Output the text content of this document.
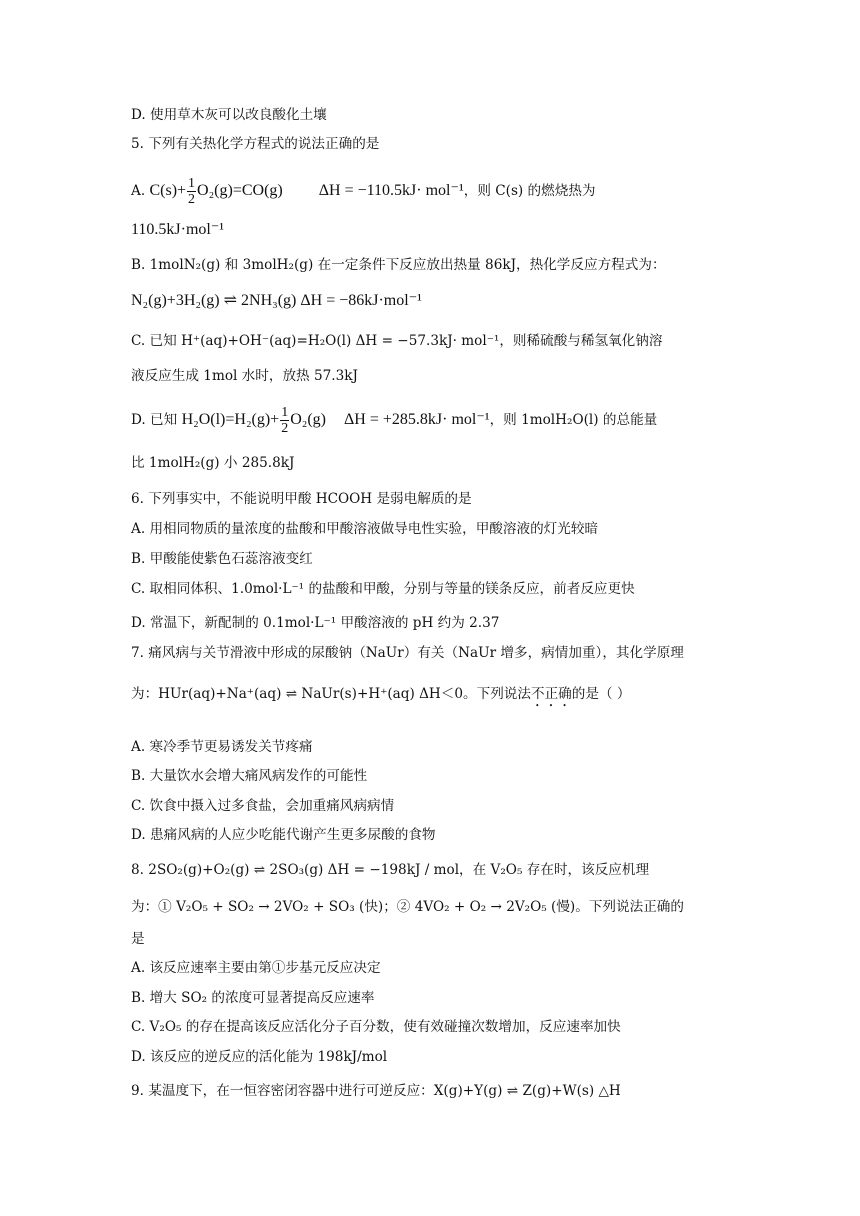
D. 使用草木灰可以改良酸化土壤
5. 下列有关热化学方程式的说法正确的是
A. $C(s)+ \frac{1}{2} O_2(g)=CO(g) \Delta H = -110.5kJ\cdot mol^{-1}$，则 C(s) 的燃烧热为
110.5kJ·mol⁻¹
B. 1molN₂(g) 和 3molH₂(g) 在一定条件下反应放出热量 86kJ，热化学反应方程式为：
N₂(g)+3H₂(g) ⇌ 2NH₃(g) ΔH = −86kJ·mol⁻¹
C. 已知 H⁺(aq)+OH⁻(aq)=H₂O(l) ΔH = −57.3kJ· mol⁻¹，则稀硫酸与稀氢氧化钠溶
液反应生成 1mol 水时，放热 57.3kJ
D. 已知 $H_2O(l)=H_2(g)+ \frac{1}{2} O_2(g) \Delta H = +285.8kJ\cdot mol^{-1}$，则 1molH₂O(l) 的总能量
比 1molH₂(g) 小 285.8kJ
6. 下列事实中，不能说明甲酸 HCOOH 是弱电解质的是
A. 用相同物质的量浓度的盐酸和甲酸溶液做导电性实验，甲酸溶液的灯光较暗
B. 甲酸能使紫色石蕊溶液变红
C. 取相同体积、1.0mol·L⁻¹ 的盐酸和甲酸，分别与等量的镁条反应，前者反应更快
D. 常温下，新配制的 0.1mol·L⁻¹ 甲酸溶液的 pH 约为 2.37
7. 痛风病与关节滑液中形成的尿酸钠（NaUr）有关（NaUr 增多，病情加重），其化学原理
为：HUr(aq)+Na⁺(aq) ⇌ NaUr(s)+H⁺(aq) ΔH＜0。下列说法不正确的是（ ）
A. 寒冷季节更易诱发关节疼痛
B. 大量饮水会增大痛风病发作的可能性
C. 饮食中摄入过多食盐，会加重痛风病病情
D. 患痛风病的人应少吃能代谢产生更多尿酸的食物
8. 2SO₂(g)+O₂(g) ⇌ 2SO₃(g) ΔH = −198kJ / mol，在 V₂O₅ 存在时，该反应机理
为：① V₂O₅ + SO₂ → 2VO₂ + SO₃ (快)；② 4VO₂ + O₂ → 2V₂O₅ (慢)。下列说法正确的
是
A. 该反应速率主要由第①步基元反应决定
B. 增大 SO₂ 的浓度可显著提高反应速率
C. V₂O₅ 的存在提高该反应活化分子百分数，使有效碰撞次数增加，反应速率加快
D. 该反应的逆反应的活化能为 198kJ/mol
9. 某温度下，在一恒容密闭容器中进行可逆反应：X(g)+Y(g) ⇌ Z(g)+W(s) △H
